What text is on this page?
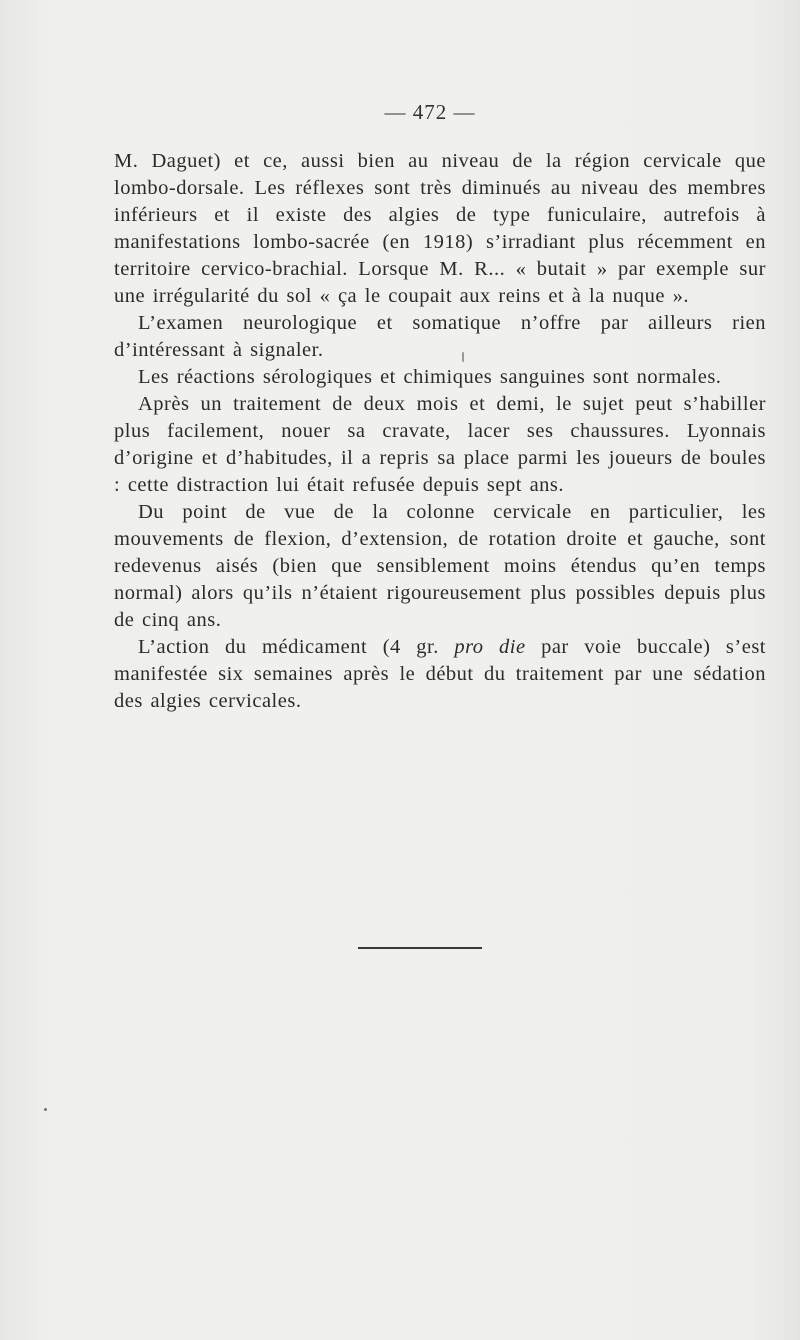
— 472 —

M. Daguet) et ce, aussi bien au niveau de la région cervicale que lombo-dorsale. Les réflexes sont très diminués au niveau des membres inférieurs et il existe des algies de type funiculaire, autrefois à manifestations lombo-sacrée (en 1918) s’irradiant plus récemment en territoire cervico-brachial. Lorsque M. R... « butait » par exemple sur une irrégularité du sol « ça le coupait aux reins et à la nuque ».

L’examen neurologique et somatique n’offre par ailleurs rien d’intéressant à signaler.

Les réactions sérologiques et chimiques sanguines sont normales.

Après un traitement de deux mois et demi, le sujet peut s’habiller plus facilement, nouer sa cravate, lacer ses chaussures. Lyonnais d’origine et d’habitudes, il a repris sa place parmi les joueurs de boules : cette distraction lui était refusée depuis sept ans.

Du point de vue de la colonne cervicale en particulier, les mouvements de flexion, d’extension, de rotation droite et gauche, sont redevenus aisés (bien que sensiblement moins étendus qu’en temps normal) alors qu’ils n’étaient rigoureusement plus possibles depuis plus de cinq ans.

L’action du médicament (4 gr. pro die par voie buccale) s’est manifestée six semaines après le début du traitement par une sédation des algies cervicales.
